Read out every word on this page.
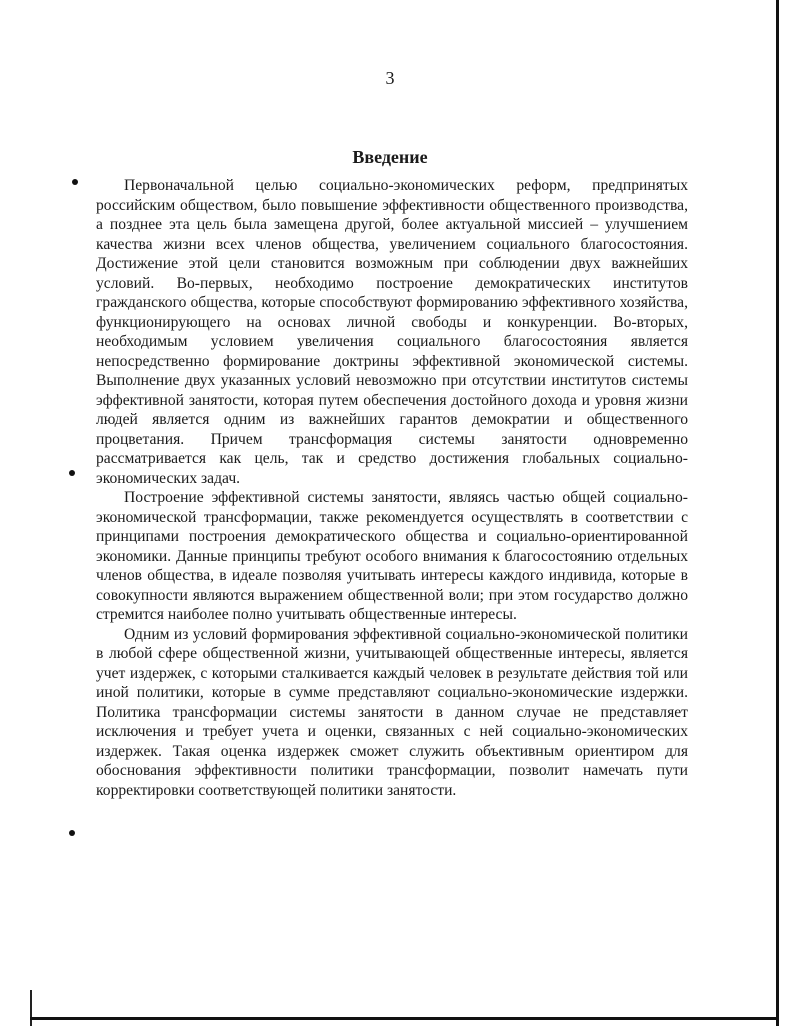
3
Введение

Первоначальной целью социально-экономических реформ, предпринятых российским обществом, было повышение эффективности общественного производства, а позднее эта цель была замещена другой, более актуальной миссией – улучшением качества жизни всех членов общества, увеличением социального благосостояния. Достижение этой цели становится возможным при соблюдении двух важнейших условий. Во-первых, необходимо построение демократических институтов гражданского общества, которые способствуют формированию эффективного хозяйства, функционирующего на основах личной свободы и конкуренции. Во-вторых, необходимым условием увеличения социального благосостояния является непосредственно формирование доктрины эффективной экономической системы. Выполнение двух указанных условий невозможно при отсутствии институтов системы эффективной занятости, которая путем обеспечения достойного дохода и уровня жизни людей является одним из важнейших гарантов демократии и общественного процветания. Причем трансформация системы занятости одновременно рассматривается как цель, так и средство достижения глобальных социально-экономических задач.

Построение эффективной системы занятости, являясь частью общей социально-экономической трансформации, также рекомендуется осуществлять в соответствии с принципами построения демократического общества и социально-ориентированной экономики. Данные принципы требуют особого внимания к благосостоянию отдельных членов общества, в идеале позволяя учитывать интересы каждого индивида, которые в совокупности являются выражением общественной воли; при этом государство должно стремится наиболее полно учитывать общественные интересы.

Одним из условий формирования эффективной социально-экономической политики в любой сфере общественной жизни, учитывающей общественные интересы, является учет издержек, с которыми сталкивается каждый человек в результате действия той или иной политики, которые в сумме представляют социально-экономические издержки. Политика трансформации системы занятости в данном случае не представляет исключения и требует учета и оценки, связанных с ней социально-экономических издержек. Такая оценка издержек сможет служить объективным ориентиром для обоснования эффективности политики трансформации, позволит намечать пути корректировки соответствующей политики занятости.
